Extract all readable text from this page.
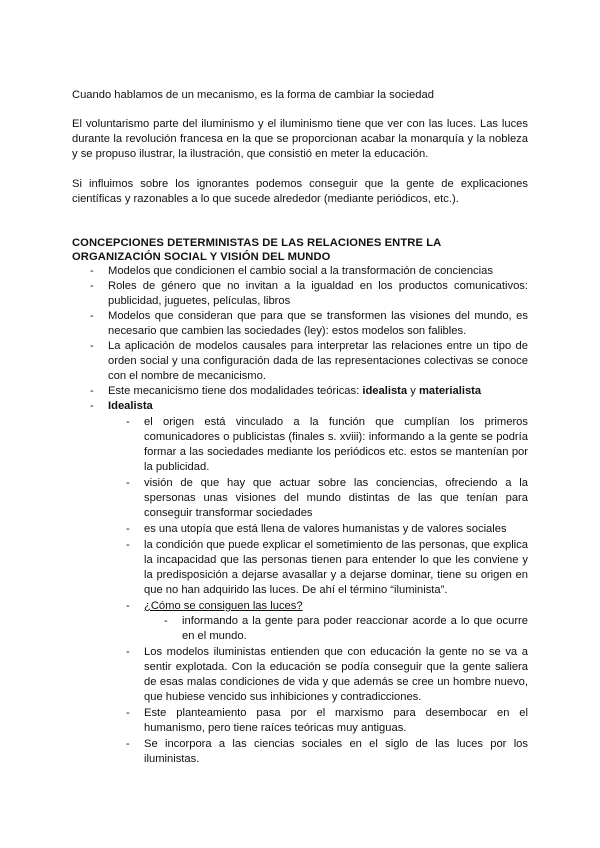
Cuando hablamos de un mecanismo, es la forma de cambiar la sociedad

El voluntarismo parte del iluminismo y el iluminismo tiene que ver con las luces. Las luces durante la revolución francesa en la que se proporcionan acabar la monarquía y la nobleza y se propuso ilustrar, la ilustración, que consistió en meter la educación.

Si influimos sobre los ignorantes podemos conseguir que la gente de explicaciones científicas y razonables a lo que sucede alrededor (mediante periódicos, etc.).

CONCEPCIONES DETERMINISTAS DE LAS RELACIONES ENTRE LA ORGANIZACIÓN SOCIAL Y VISIÓN DEL MUNDO

- Modelos que condicionen el cambio social a la transformación de conciencias
- Roles de género que no invitan a la igualdad en los productos comunicativos: publicidad, juguetes, películas, libros
- Modelos que consideran que para que se transformen las visiones del mundo, es necesario que cambien las sociedades (ley): estos modelos son falibles.
- La aplicación de modelos causales para interpretar las relaciones entre un tipo de orden social y una configuración dada de las representaciones colectivas se conoce con el nombre de mecanicismo.
- Este mecanicismo tiene dos modalidades teóricas: idealista y materialista
- Idealista
- el origen está vinculado a la función que cumplían los primeros comunicadores o publicistas (finales s. xviii): informando a la gente se podría formar a las sociedades mediante los periódicos etc. estos se mantenían por la publicidad.
- visión de que hay que actuar sobre las conciencias, ofreciendo a la spersonas unas visiones del mundo distintas de las que tenían para conseguir transformar sociedades
- es una utopía que está llena de valores humanistas y de valores sociales
- la condición que puede explicar el sometimiento de las personas, que explica la incapacidad que las personas tienen para entender lo que les conviene y la predisposición a dejarse avasallar y a dejarse dominar, tiene su origen en que no han adquirido las luces. De ahí el término “iluminista”.
- ¿Cómo se consiguen las luces?
- informando a la gente para poder reaccionar acorde a lo que ocurre en el mundo.
- Los modelos iluministas entienden que con educación la gente no se va a sentir explotada. Con la educación se podía conseguir que la gente saliera de esas malas condiciones de vida y que además se cree un hombre nuevo, que hubiese vencido sus inhibiciones y contradicciones.
- Este planteamiento pasa por el marxismo para desembocar en el humanismo, pero tiene raíces teóricas muy antiguas.
- Se incorpora a las ciencias sociales en el siglo de las luces por los iluministas.
